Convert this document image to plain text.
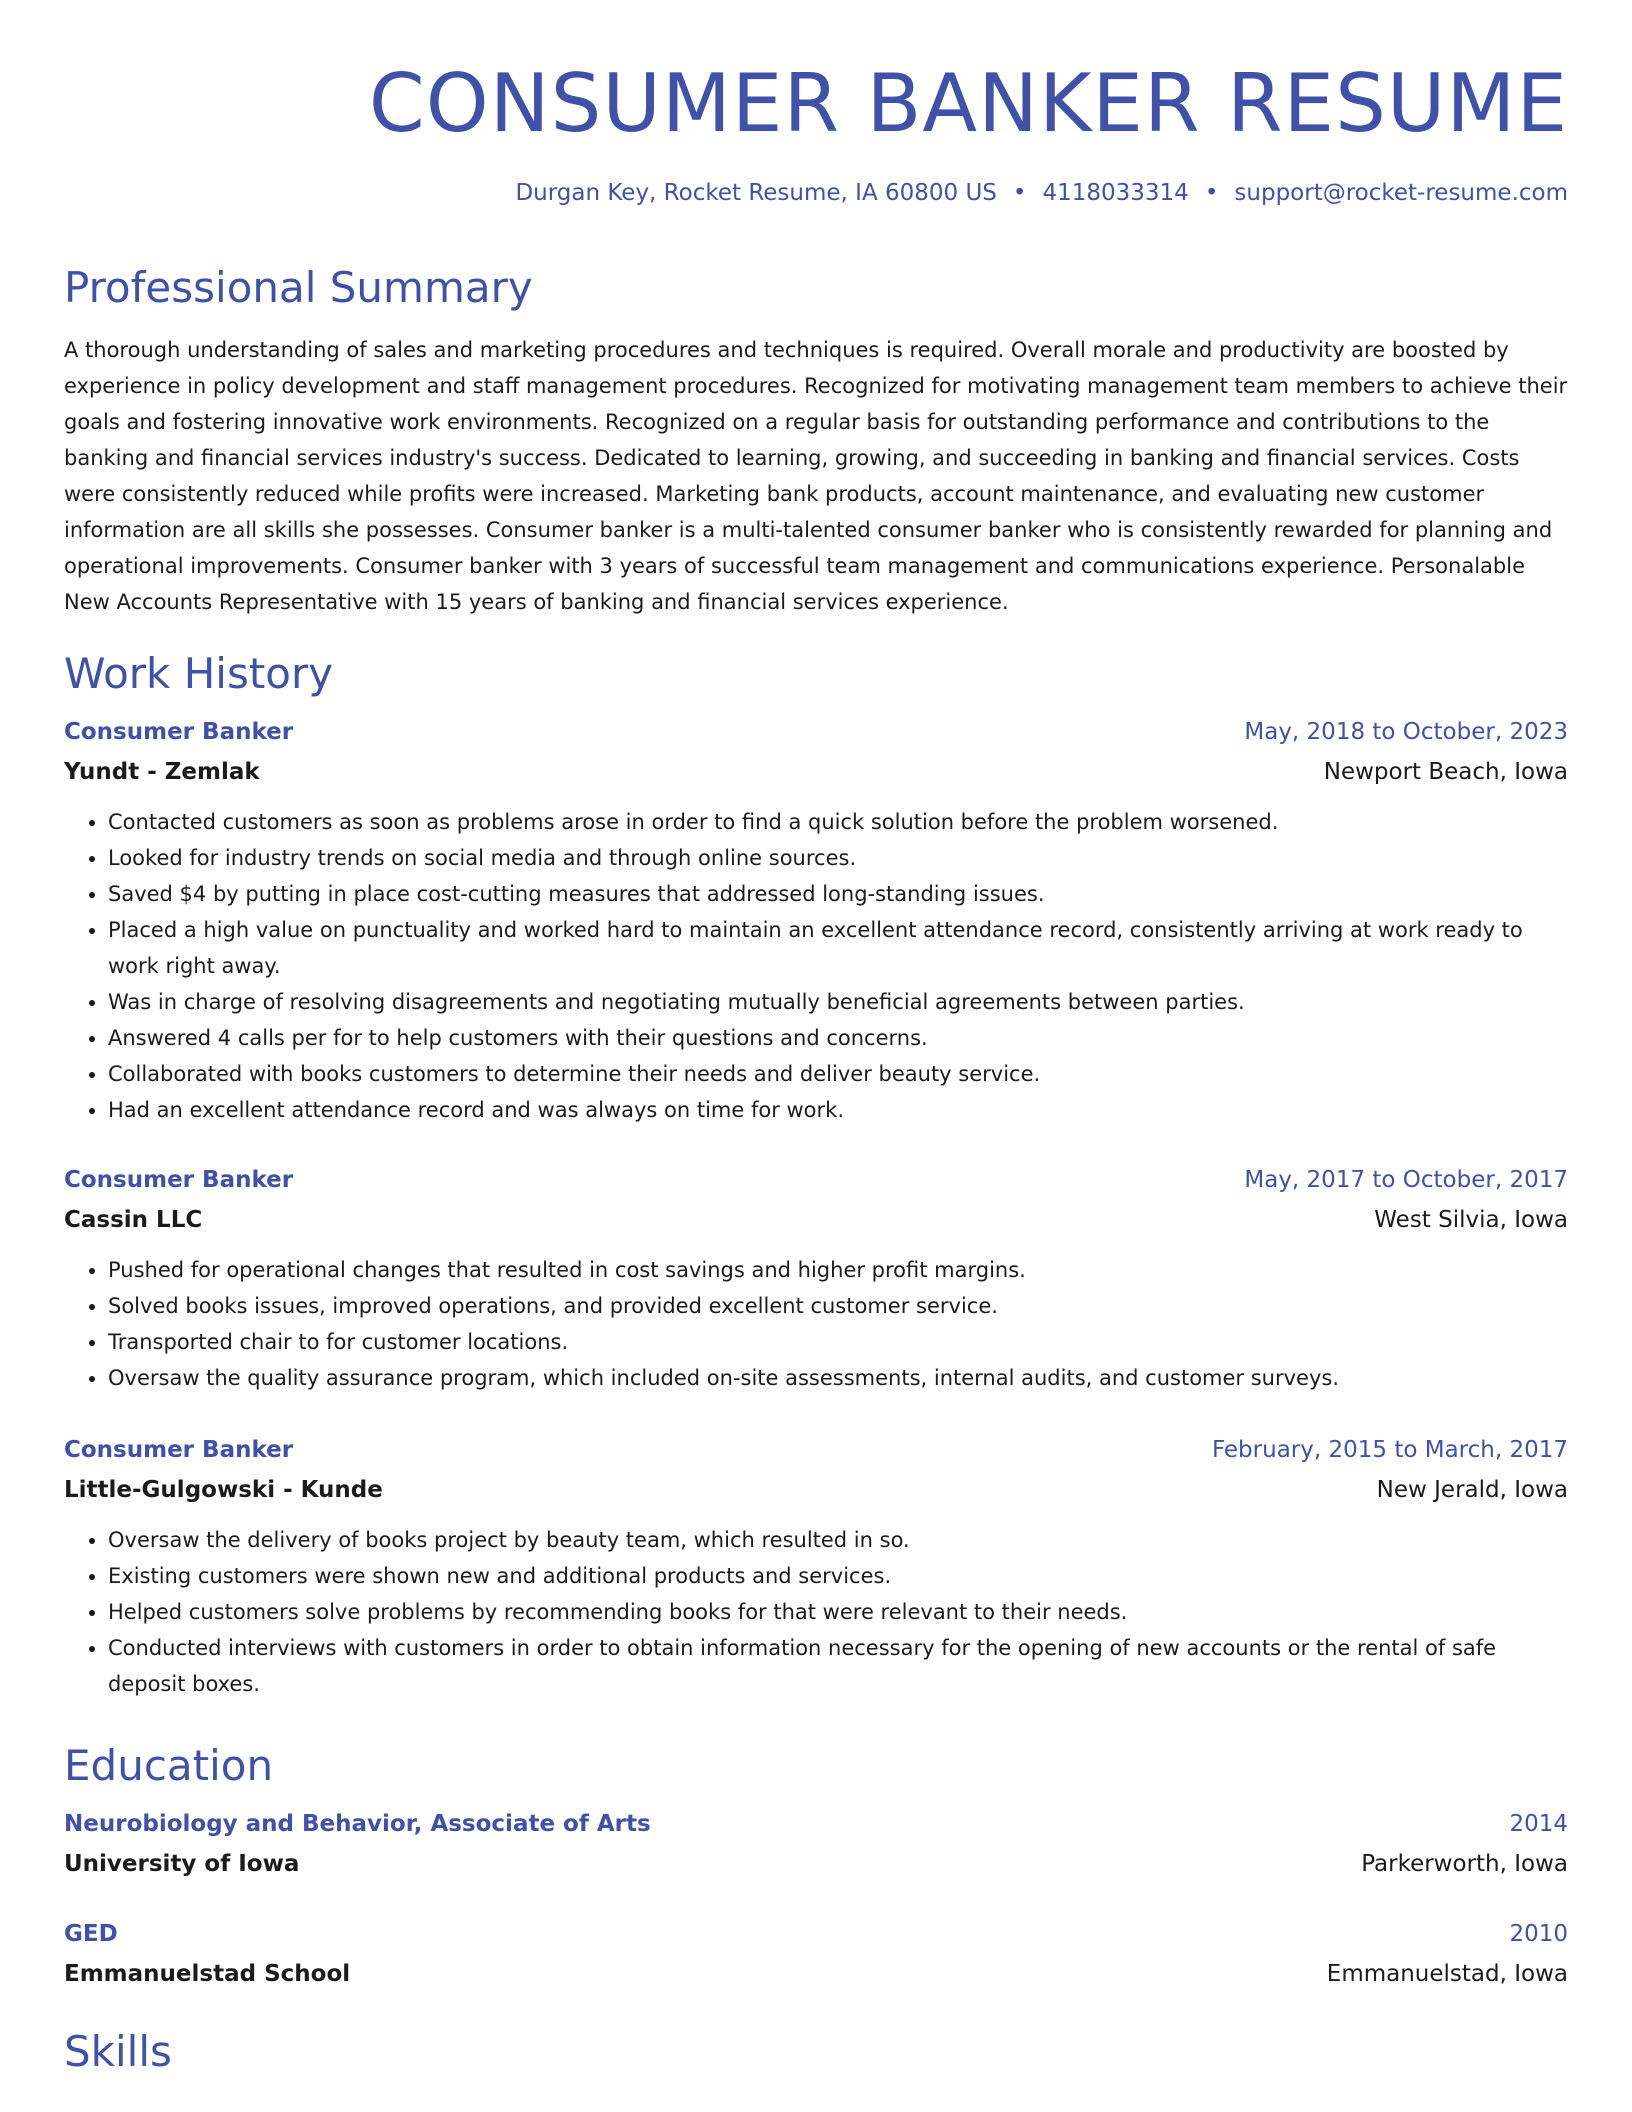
CONSUMER BANKER RESUME
Durgan Key, Rocket Resume, IA 60800 US • 4118033314 • support@rocket-resume.com
Professional Summary

A thorough understanding of sales and marketing procedures and techniques is required. Overall morale and productivity are boosted by experience in policy development and staff management procedures. Recognized for motivating management team members to achieve their goals and fostering innovative work environments. Recognized on a regular basis for outstanding performance and contributions to the banking and financial services industry's success. Dedicated to learning, growing, and succeeding in banking and financial services. Costs were consistently reduced while profits were increased. Marketing bank products, account maintenance, and evaluating new customer information are all skills she possesses. Consumer banker is a multi-talented consumer banker who is consistently rewarded for planning and operational improvements. Consumer banker with 3 years of successful team management and communications experience. Personalable New Accounts Representative with 15 years of banking and financial services experience.

Work History
Consumer Banker	May, 2018 to October, 2023
Yundt - Zemlak	Newport Beach, Iowa
• Contacted customers as soon as problems arose in order to find a quick solution before the problem worsened.
• Looked for industry trends on social media and through online sources.
• Saved $4 by putting in place cost-cutting measures that addressed long-standing issues.
• Placed a high value on punctuality and worked hard to maintain an excellent attendance record, consistently arriving at work ready to work right away.
• Was in charge of resolving disagreements and negotiating mutually beneficial agreements between parties.
• Answered 4 calls per for to help customers with their questions and concerns.
• Collaborated with books customers to determine their needs and deliver beauty service.
• Had an excellent attendance record and was always on time for work.
Consumer Banker	May, 2017 to October, 2017
Cassin LLC	West Silvia, Iowa
• Pushed for operational changes that resulted in cost savings and higher profit margins.
• Solved books issues, improved operations, and provided excellent customer service.
• Transported chair to for customer locations.
• Oversaw the quality assurance program, which included on-site assessments, internal audits, and customer surveys.
Consumer Banker	February, 2015 to March, 2017
Little-Gulgowski - Kunde	New Jerald, Iowa
• Oversaw the delivery of books project by beauty team, which resulted in so.
• Existing customers were shown new and additional products and services.
• Helped customers solve problems by recommending books for that were relevant to their needs.
• Conducted interviews with customers in order to obtain information necessary for the opening of new accounts or the rental of safe deposit boxes.
Education
Neurobiology and Behavior, Associate of Arts	2014
University of Iowa	Parkerworth, Iowa
GED	2010
Emmanuelstad School	Emmanuelstad, Iowa
Skills
